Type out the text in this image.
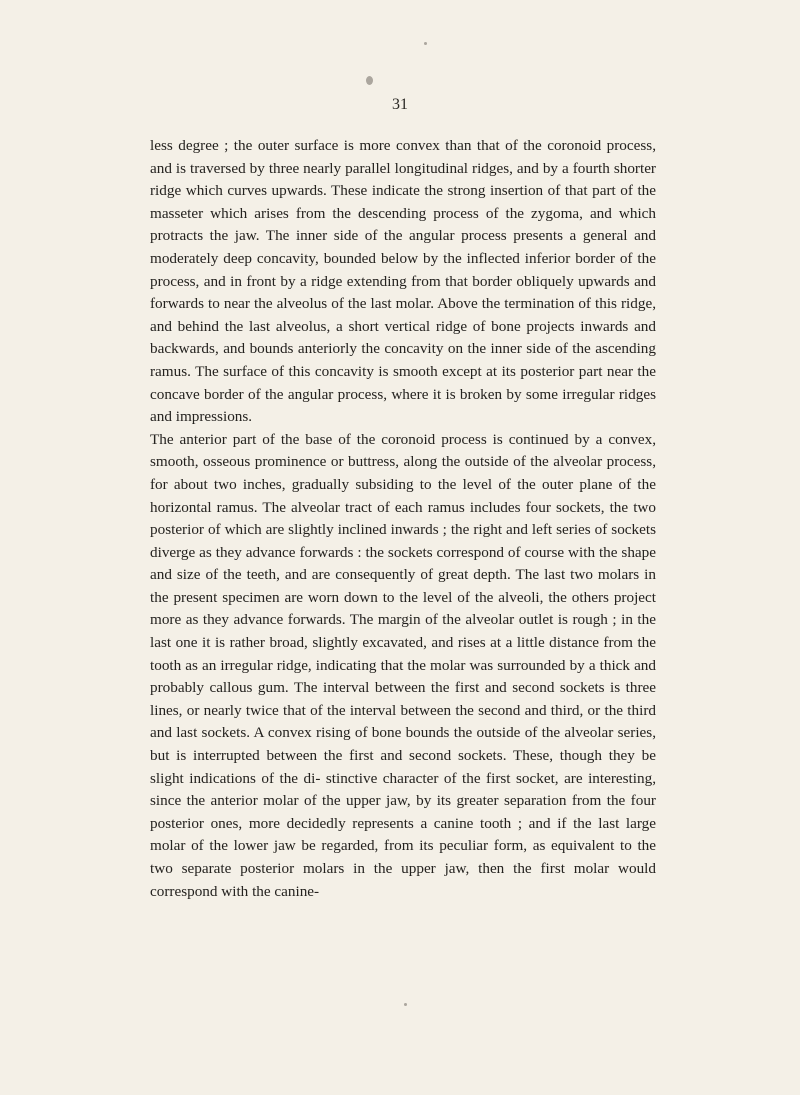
31

less degree ; the outer surface is more convex than that of the coronoid process, and is traversed by three nearly parallel longitudinal ridges, and by a fourth shorter ridge which curves upwards. These indicate the strong insertion of that part of the masseter which arises from the descending process of the zygoma, and which protracts the jaw. The inner side of the angular process presents a general and moderately deep concavity, bounded below by the inflected inferior border of the process, and in front by a ridge extending from that border obliquely upwards and forwards to near the alveolus of the last molar. Above the termination of this ridge, and behind the last alveolus, a short vertical ridge of bone projects inwards and backwards, and bounds anteriorly the concavity on the inner side of the ascending ramus. The surface of this concavity is smooth except at its posterior part near the concave border of the angular process, where it is broken by some irregular ridges and impressions.

The anterior part of the base of the coronoid process is continued by a convex, smooth, osseous prominence or buttress, along the outside of the alveolar process, for about two inches, gradually subsiding to the level of the outer plane of the horizontal ramus. The alveolar tract of each ramus includes four sockets, the two posterior of which are slightly inclined inwards ; the right and left series of sockets diverge as they advance forwards : the sockets correspond of course with the shape and size of the teeth, and are consequently of great depth. The last two molars in the present specimen are worn down to the level of the alveoli, the others project more as they advance forwards. The margin of the alveolar outlet is rough ; in the last one it is rather broad, slightly excavated, and rises at a little distance from the tooth as an irregular ridge, indicating that the molar was surrounded by a thick and probably callous gum. The interval between the first and second sockets is three lines, or nearly twice that of the interval between the second and third, or the third and last sockets. A convex rising of bone bounds the outside of the alveolar series, but is interrupted between the first and second sockets. These, though they be slight indications of the di- stinctive character of the first socket, are interesting, since the anterior molar of the upper jaw, by its greater separation from the four posterior ones, more decidedly represents a canine tooth ; and if the last large molar of the lower jaw be regarded, from its peculiar form, as equivalent to the two separate posterior molars in the upper jaw, then the first molar would correspond with the canine-
